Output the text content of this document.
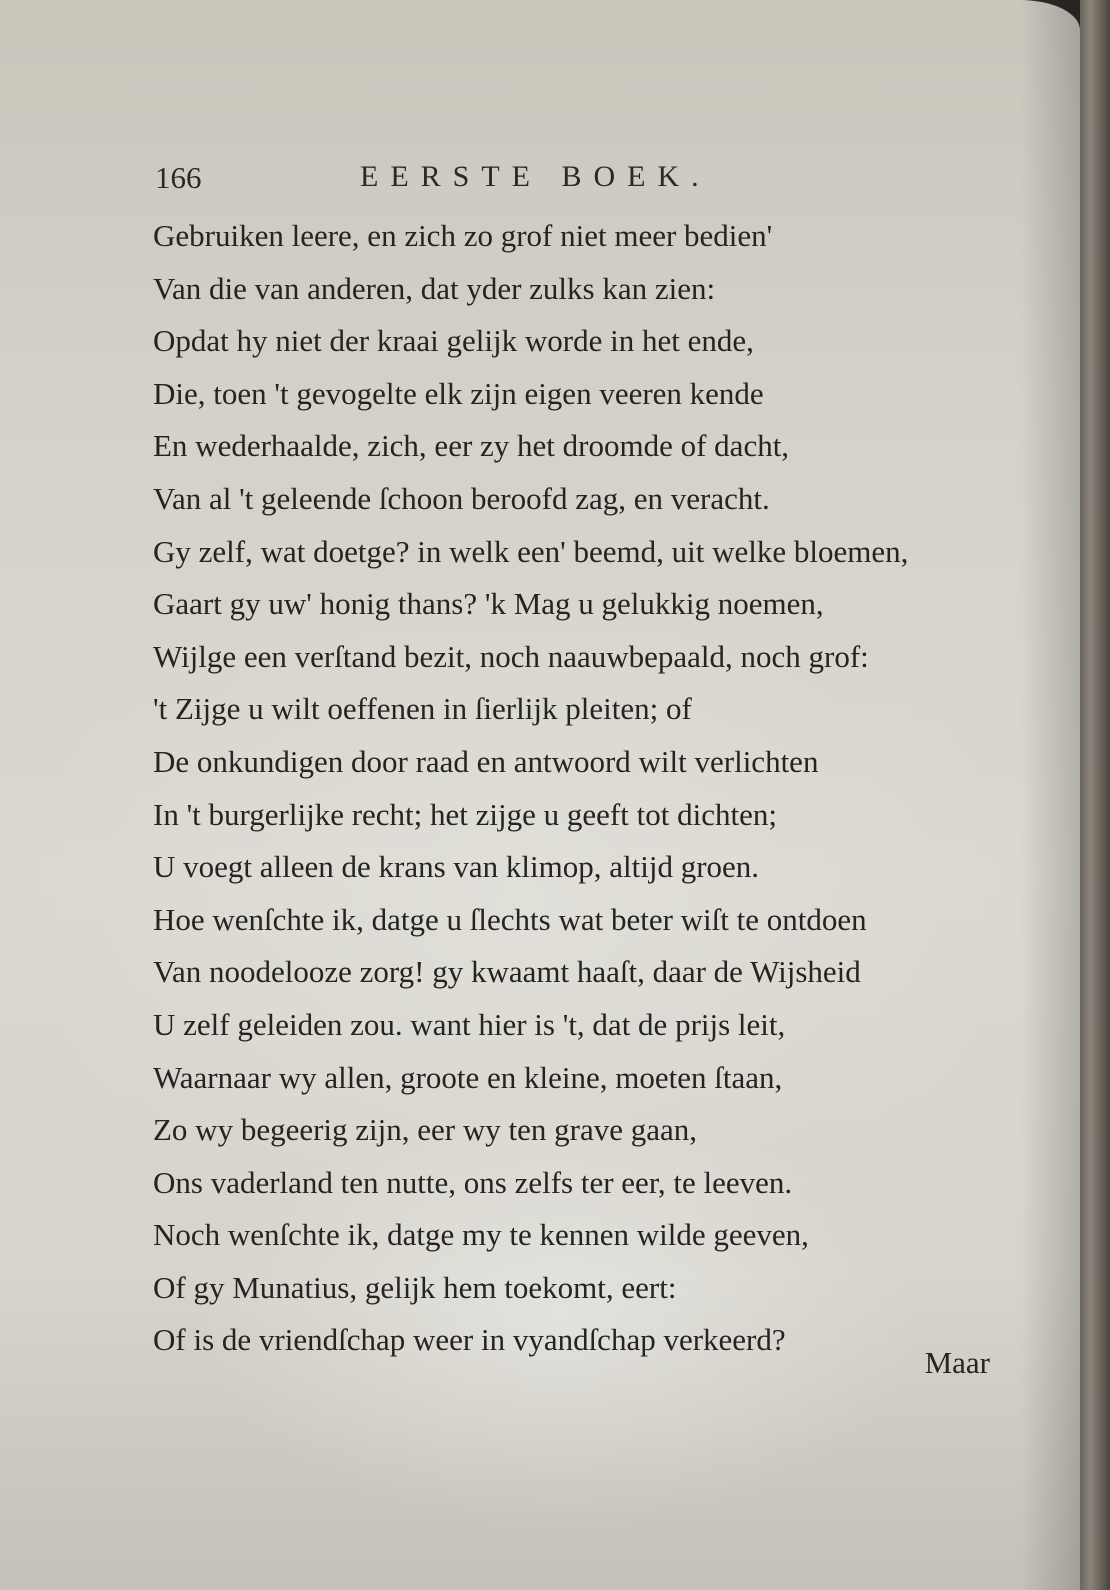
166	EERSTE BOEK.
Gebruiken leere, en zich zo grof niet meer bedien'
Van die van anderen, dat yder zulks kan zien:
Opdat hy niet der kraai gelijk worde in het ende,
Die, toen 't gevogelte elk zijn eigen veeren kende
En wederhaalde, zich, eer zy het droomde of dacht,
Van al 't geleende ſchoon beroofd zag, en veracht.
Gy zelf, wat doetge? in welk een' beemd, uit welke bloemen,
Gaart gy uw' honig thans? 'k Mag u gelukkig noemen,
Wijlge een verſtand bezit, noch naauwbepaald, noch grof:
't Zijge u wilt oeffenen in ſierlijk pleiten; of
De onkundigen door raad en antwoord wilt verlichten
In 't burgerlijke recht; het zijge u geeft tot dichten;
U voegt alleen de krans van klimop, altijd groen.
Hoe wenſchte ik, datge u ſlechts wat beter wiſt te ontdoen
Van noodelooze zorg! gy kwaamt haaſt, daar de Wijsheid
U zelf geleiden zou. want hier is 't, dat de prijs leit,
Waarnaar wy allen, groote en kleine, moeten ſtaan,
Zo wy begeerig zijn, eer wy ten grave gaan,
Ons vaderland ten nutte, ons zelfs ter eer, te leeven.
Noch wenſchte ik, datge my te kennen wilde geeven,
Of gy Munatius, gelijk hem toekomt, eert:
Of is de vriendſchap weer in vyandſchap verkeerd?
Maar
